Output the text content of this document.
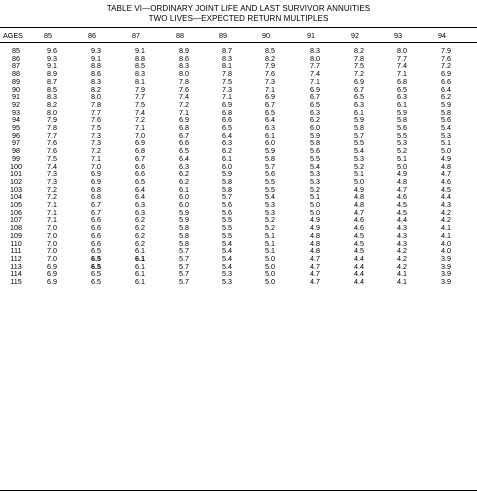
TABLE VI—ORDINARY JOINT LIFE AND LAST SURVIVOR ANNUITIES
TWO LIVES—EXPECTED RETURN MULTIPLES
AGES	85	86	87	88	89	90	91	92	93	94
85	9.6	9.3	9.1	8.9	8.7	8.5	8.3	8.2	8.0	7.9
86	9.3	9.1	8.8	8.6	8.3	8.2	8.0	7.8	7.7	7.6
87	9.1	8.8	8.5	8.3	8.1	7.9	7.7	7.5	7.4	7.2
88	8.9	8.6	8.3	8.0	7.8	7.6	7.4	7.2	7.1	6.9
89	8.7	8.3	8.1	7.8	7.5	7.3	7.1	6.9	6.8	6.6
90	8.5	8.2	7.9	7.6	7.3	7.1	6.9	6.7	6.5	6.4
91	8.3	8.0	7.7	7.4	7.1	6.9	6.7	6.5	6.3	6.2
92	8.2	7.8	7.5	7.2	6.9	6.7	6.5	6.3	6.1	5.9
93	8.0	7.7	7.4	7.1	6.8	6.5	6.3	6.1	5.9	5.8
94	7.9	7.6	7.2	6.9	6.6	6.4	6.2	5.9	5.8	5.6
95	7.8	7.5	7.1	6.8	6.5	6.3	6.0	5.8	5.6	5.4
96	7.7	7.3	7.0	6.7	6.4	6.1	5.9	5.7	5.5	5.3
97	7.6	7.3	6.9	6.6	6.3	6.0	5.8	5.5	5.3	5.1
98	7.6	7.2	6.8	6.5	6.2	5.9	5.6	5.4	5.2	5.0
99	7.5	7.1	6.7	6.4	6.1	5.8	5.5	5.3	5.1	4.9
100	7.4	7.0	6.6	6.3	6.0	5.7	5.4	5.2	5.0	4.8
101	7.3	6.9	6.6	6.2	5.9	5.6	5.3	5.1	4.9	4.7
102	7.3	6.9	6.5	6.2	5.8	5.5	5.3	5.0	4.8	4.6
103	7.2	6.8	6.4	6.1	5.8	5.5	5.2	4.9	4.7	4.5
104	7.2	6.8	6.4	6.0	5.7	5.4	5.1	4.8	4.6	4.4
105	7.1	6.7	6.3	6.0	5.6	5.3	5.0	4.8	4.5	4.3
106	7.1	6.7	6.3	5.9	5.6	5.3	5.0	4.7	4.5	4.2
107	7.1	6.6	6.2	5.9	5.5	5.2	4.9	4.6	4.4	4.2
108	7.0	6.6	6.2	5.8	5.5	5.2	4.9	4.6	4.3	4.1
109	7.0	6.6	6.2	5.8	5.5	5.1	4.8	4.5	4.3	4.1
110	7.0	6.6	6.2	5.8	5.4	5.1	4.8	4.5	4.3	4.0
111	7.0	6.5	6.1	5.7	5.4	5.1	4.8	4.5	4.2	4.0
112	7.0	6.5	6.1	5.7	5.4	5.0	4.7	4.4	4.2	3.9
113	6.9	6.5	6.1	5.7	5.4	5.0	4.7	4.4	4.2	3.9
114	6.9	6.5	6.1	5.7	5.3	5.0	4.7	4.4	4.1	3.9
115	6.9	6.5	6.1	5.7	5.3	5.0	4.7	4.4	4.1	3.9
